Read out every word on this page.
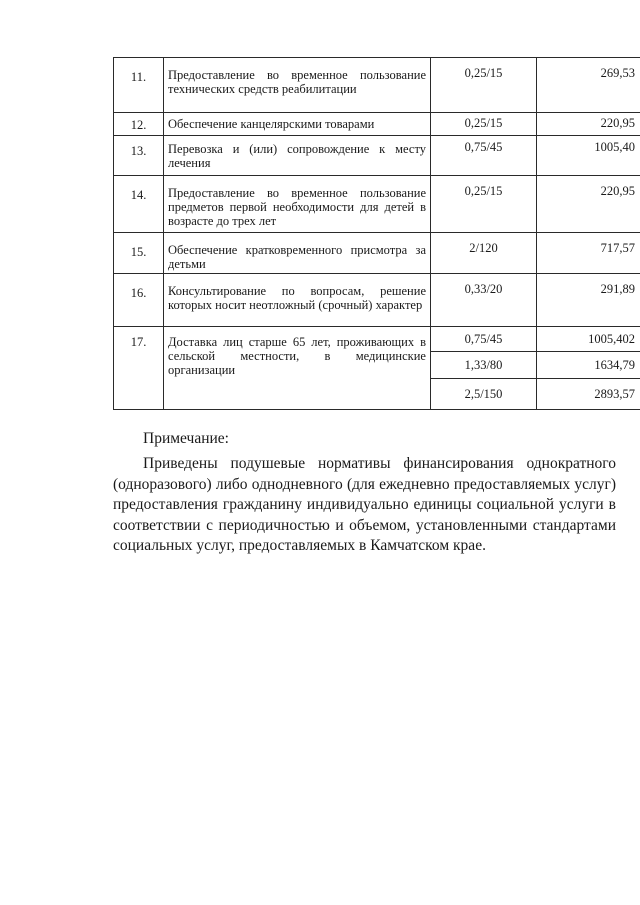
11.	Предоставление во временное пользование технических средств реабилитации	0,25/15	269,53
12.	Обеспечение канцелярскими товарами	0,25/15	220,95
13.	Перевозка и (или) сопровождение к месту лечения	0,75/45	1005,40
14.	Предоставление во временное пользование предметов первой необходимости для детей в возрасте до трех лет	0,25/15	220,95
15.	Обеспечение кратковременного присмотра за детьми	2/120	717,57
16.	Консультирование по вопросам, решение которых носит неотложный (срочный) характер	0,33/20	291,89
17.	Доставка лиц старше 65 лет, проживающих в сельской местности, в медицинские организации	0,75/45	1005,402
		1,33/80	1634,79
		2,5/150	2893,57
Примечание:
Приведены подушевые нормативы финансирования однократного (одноразового) либо однодневного (для ежедневно предоставляемых услуг) предоставления гражданину индивидуально единицы социальной услуги в соответствии с периодичностью и объемом, установленными стандартами социальных услуг, предоставляемых в Камчатском крае.
